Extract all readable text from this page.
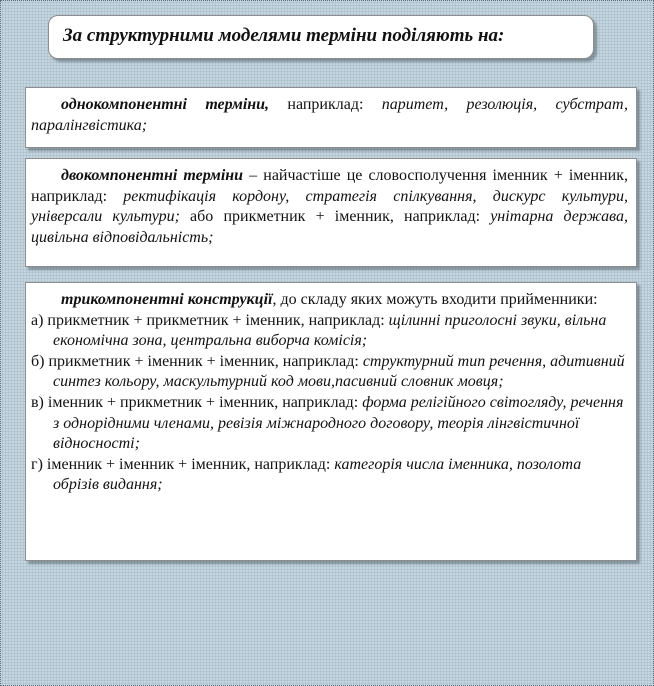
За структурними моделями терміни поділяють на:

однокомпонентні терміни, наприклад: паритет, резолюція, субстрат, паралінгвістика;

двокомпонентні терміни – найчастіше це словосполучення іменник + іменник, наприклад: ректифікація кордону, стратегія спілкування, дискурс культури, універсали культури; або прикметник + іменник, наприклад: унітарна держава, цивільна відповідальність;

трикомпонентні конструкції, до складу яких можуть входити прийменники:

а) прикметник + прикметник + іменник, наприклад: щілинні приголосні звуки, вільна економічна зона, центральна виборча комісія;

б) прикметник + іменник + іменник, наприклад: структурний тип речення, адитивний синтез кольору, маскультурний код мови,пасивний словник мовця;

в) іменник + прикметник + іменник, наприклад: форма релігійного світогляду, речення з однорідними членами, ревізія міжнародного договору, теорія лінгвістичної відносності;

г) іменник + іменник + іменник, наприклад: категорія числа іменника, позолота обрізів видання;
